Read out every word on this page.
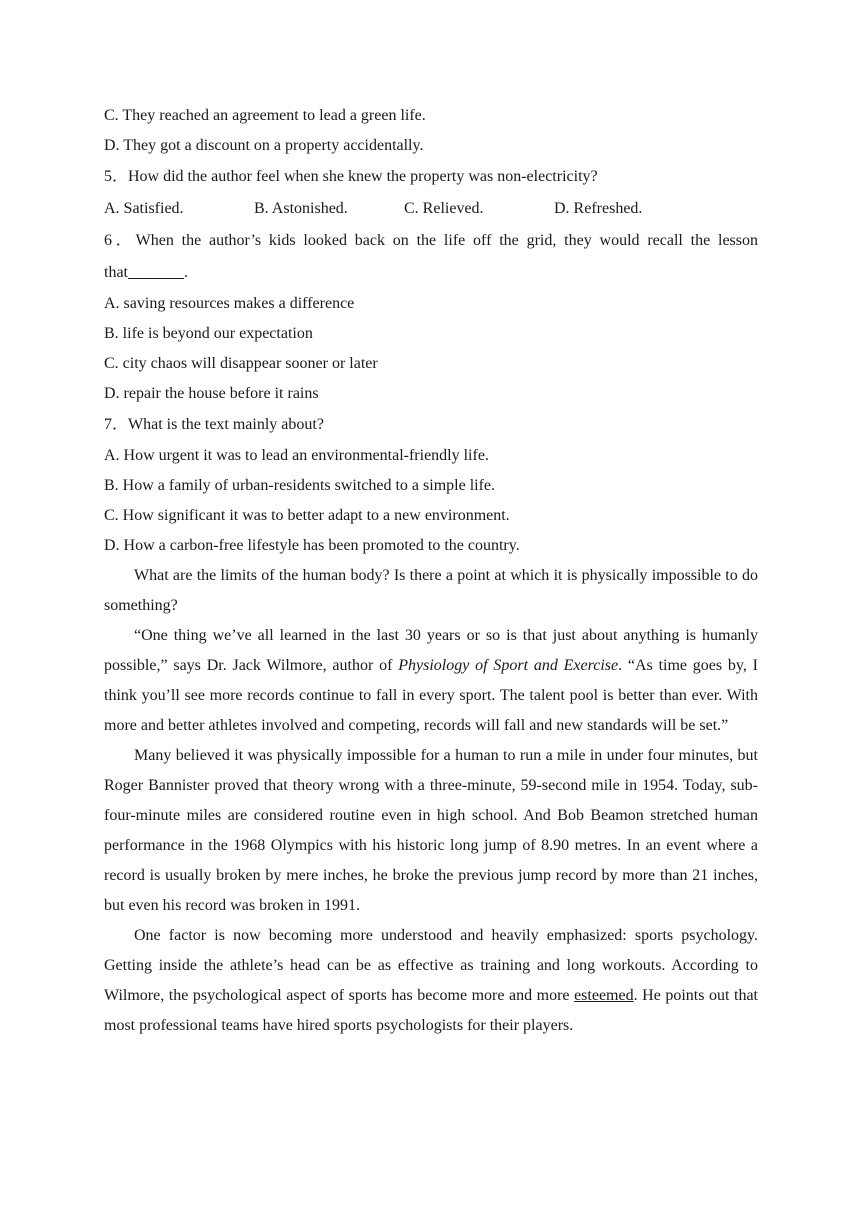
C. They reached an agreement to lead a green life.
D. They got a discount on a property accidentally.
5．How did the author feel when she knew the property was non-electricity?
A. Satisfied.	B. Astonished.	C. Relieved.	D. Refreshed.

6．When the author’s kids looked back on the life off the grid, they would recall the lesson that_______.

A. saving resources makes a difference
B. life is beyond our expectation
C. city chaos will disappear sooner or later
D. repair the house before it rains
7．What is the text mainly about?
A. How urgent it was to lead an environmental-friendly life.
B. How a family of urban-residents switched to a simple life.
C. How significant it was to better adapt to a new environment.
D. How a carbon-free lifestyle has been promoted to the country.

What are the limits of the human body? Is there a point at which it is physically impossible to do something?

“One thing we’ve all learned in the last 30 years or so is that just about anything is humanly possible,” says Dr. Jack Wilmore, author of Physiology of Sport and Exercise. “As time goes by, I think you’ll see more records continue to fall in every sport. The talent pool is better than ever. With more and better athletes involved and competing, records will fall and new standards will be set.”

Many believed it was physically impossible for a human to run a mile in under four minutes, but Roger Bannister proved that theory wrong with a three-minute, 59-second mile in 1954. Today, sub-four-minute miles are considered routine even in high school. And Bob Beamon stretched human performance in the 1968 Olympics with his historic long jump of 8.90 metres. In an event where a record is usually broken by mere inches, he broke the previous jump record by more than 21 inches, but even his record was broken in 1991.

One factor is now becoming more understood and heavily emphasized: sports psychology. Getting inside the athlete’s head can be as effective as training and long workouts. According to Wilmore, the psychological aspect of sports has become more and more esteemed. He points out that most professional teams have hired sports psychologists for their players.
